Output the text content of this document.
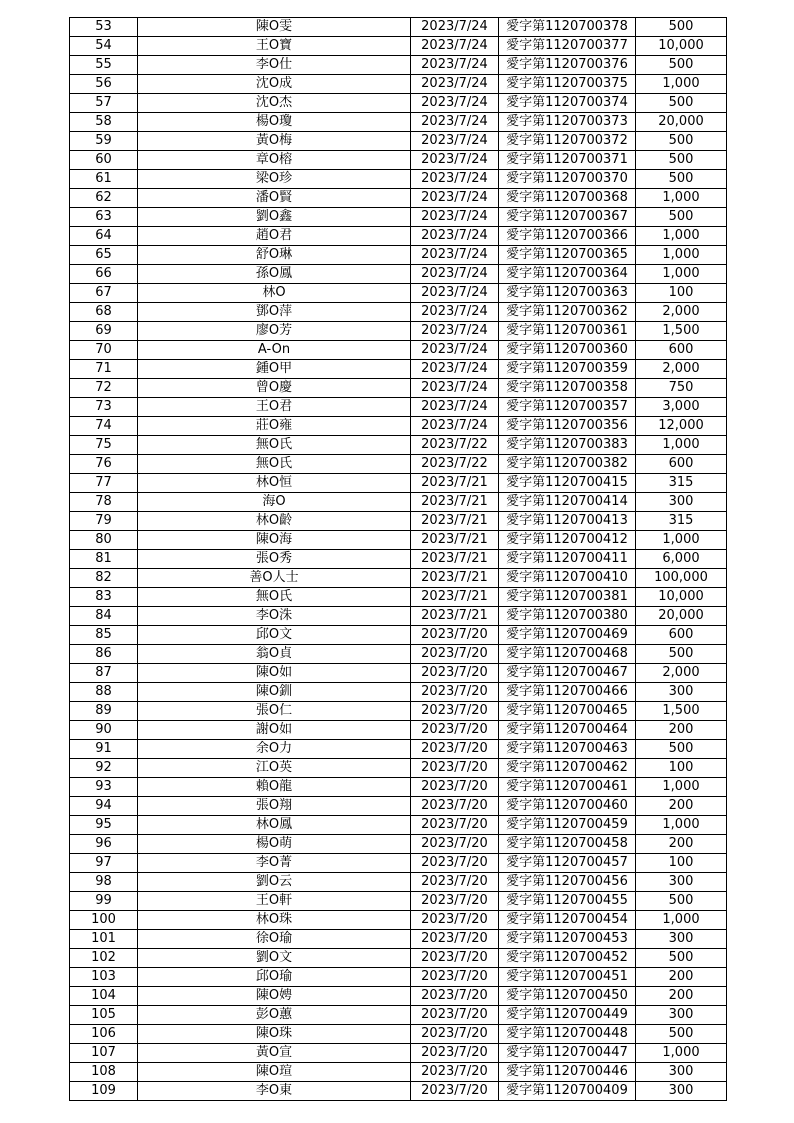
53	陳O雯	2023/7/24	愛字第1120700378	500
54	王O寶	2023/7/24	愛字第1120700377	10,000
55	李O仕	2023/7/24	愛字第1120700376	500
56	沈O成	2023/7/24	愛字第1120700375	1,000
57	沈O杰	2023/7/24	愛字第1120700374	500
58	楊O瓊	2023/7/24	愛字第1120700373	20,000
59	黃O梅	2023/7/24	愛字第1120700372	500
60	章O榕	2023/7/24	愛字第1120700371	500
61	梁O珍	2023/7/24	愛字第1120700370	500
62	潘O賢	2023/7/24	愛字第1120700368	1,000
63	劉O鑫	2023/7/24	愛字第1120700367	500
64	趙O君	2023/7/24	愛字第1120700366	1,000
65	舒O琳	2023/7/24	愛字第1120700365	1,000
66	孫O鳳	2023/7/24	愛字第1120700364	1,000
67	林O	2023/7/24	愛字第1120700363	100
68	鄧O萍	2023/7/24	愛字第1120700362	2,000
69	廖O芳	2023/7/24	愛字第1120700361	1,500
70	A-On	2023/7/24	愛字第1120700360	600
71	鍾O甲	2023/7/24	愛字第1120700359	2,000
72	曾O慶	2023/7/24	愛字第1120700358	750
73	王O君	2023/7/24	愛字第1120700357	3,000
74	莊O雍	2023/7/24	愛字第1120700356	12,000
75	無O氏	2023/7/22	愛字第1120700383	1,000
76	無O氏	2023/7/22	愛字第1120700382	600
77	林O恒	2023/7/21	愛字第1120700415	315
78	海O	2023/7/21	愛字第1120700414	300
79	林O齡	2023/7/21	愛字第1120700413	315
80	陳O海	2023/7/21	愛字第1120700412	1,000
81	張O秀	2023/7/21	愛字第1120700411	6,000
82	善O人士	2023/7/21	愛字第1120700410	100,000
83	無O氏	2023/7/21	愛字第1120700381	10,000
84	李O洙	2023/7/21	愛字第1120700380	20,000
85	邱O文	2023/7/20	愛字第1120700469	600
86	翁O貞	2023/7/20	愛字第1120700468	500
87	陳O如	2023/7/20	愛字第1120700467	2,000
88	陳O釧	2023/7/20	愛字第1120700466	300
89	張O仁	2023/7/20	愛字第1120700465	1,500
90	謝O如	2023/7/20	愛字第1120700464	200
91	余O力	2023/7/20	愛字第1120700463	500
92	江O英	2023/7/20	愛字第1120700462	100
93	賴O龍	2023/7/20	愛字第1120700461	1,000
94	張O翔	2023/7/20	愛字第1120700460	200
95	林O鳳	2023/7/20	愛字第1120700459	1,000
96	楊O萌	2023/7/20	愛字第1120700458	200
97	李O菁	2023/7/20	愛字第1120700457	100
98	劉O云	2023/7/20	愛字第1120700456	300
99	王O軒	2023/7/20	愛字第1120700455	500
100	林O珠	2023/7/20	愛字第1120700454	1,000
101	徐O瑜	2023/7/20	愛字第1120700453	300
102	劉O文	2023/7/20	愛字第1120700452	500
103	邱O瑜	2023/7/20	愛字第1120700451	200
104	陳O娉	2023/7/20	愛字第1120700450	200
105	彭O蕙	2023/7/20	愛字第1120700449	300
106	陳O珠	2023/7/20	愛字第1120700448	500
107	黃O宣	2023/7/20	愛字第1120700447	1,000
108	陳O瑄	2023/7/20	愛字第1120700446	300
109	李O東	2023/7/20	愛字第1120700409	300
